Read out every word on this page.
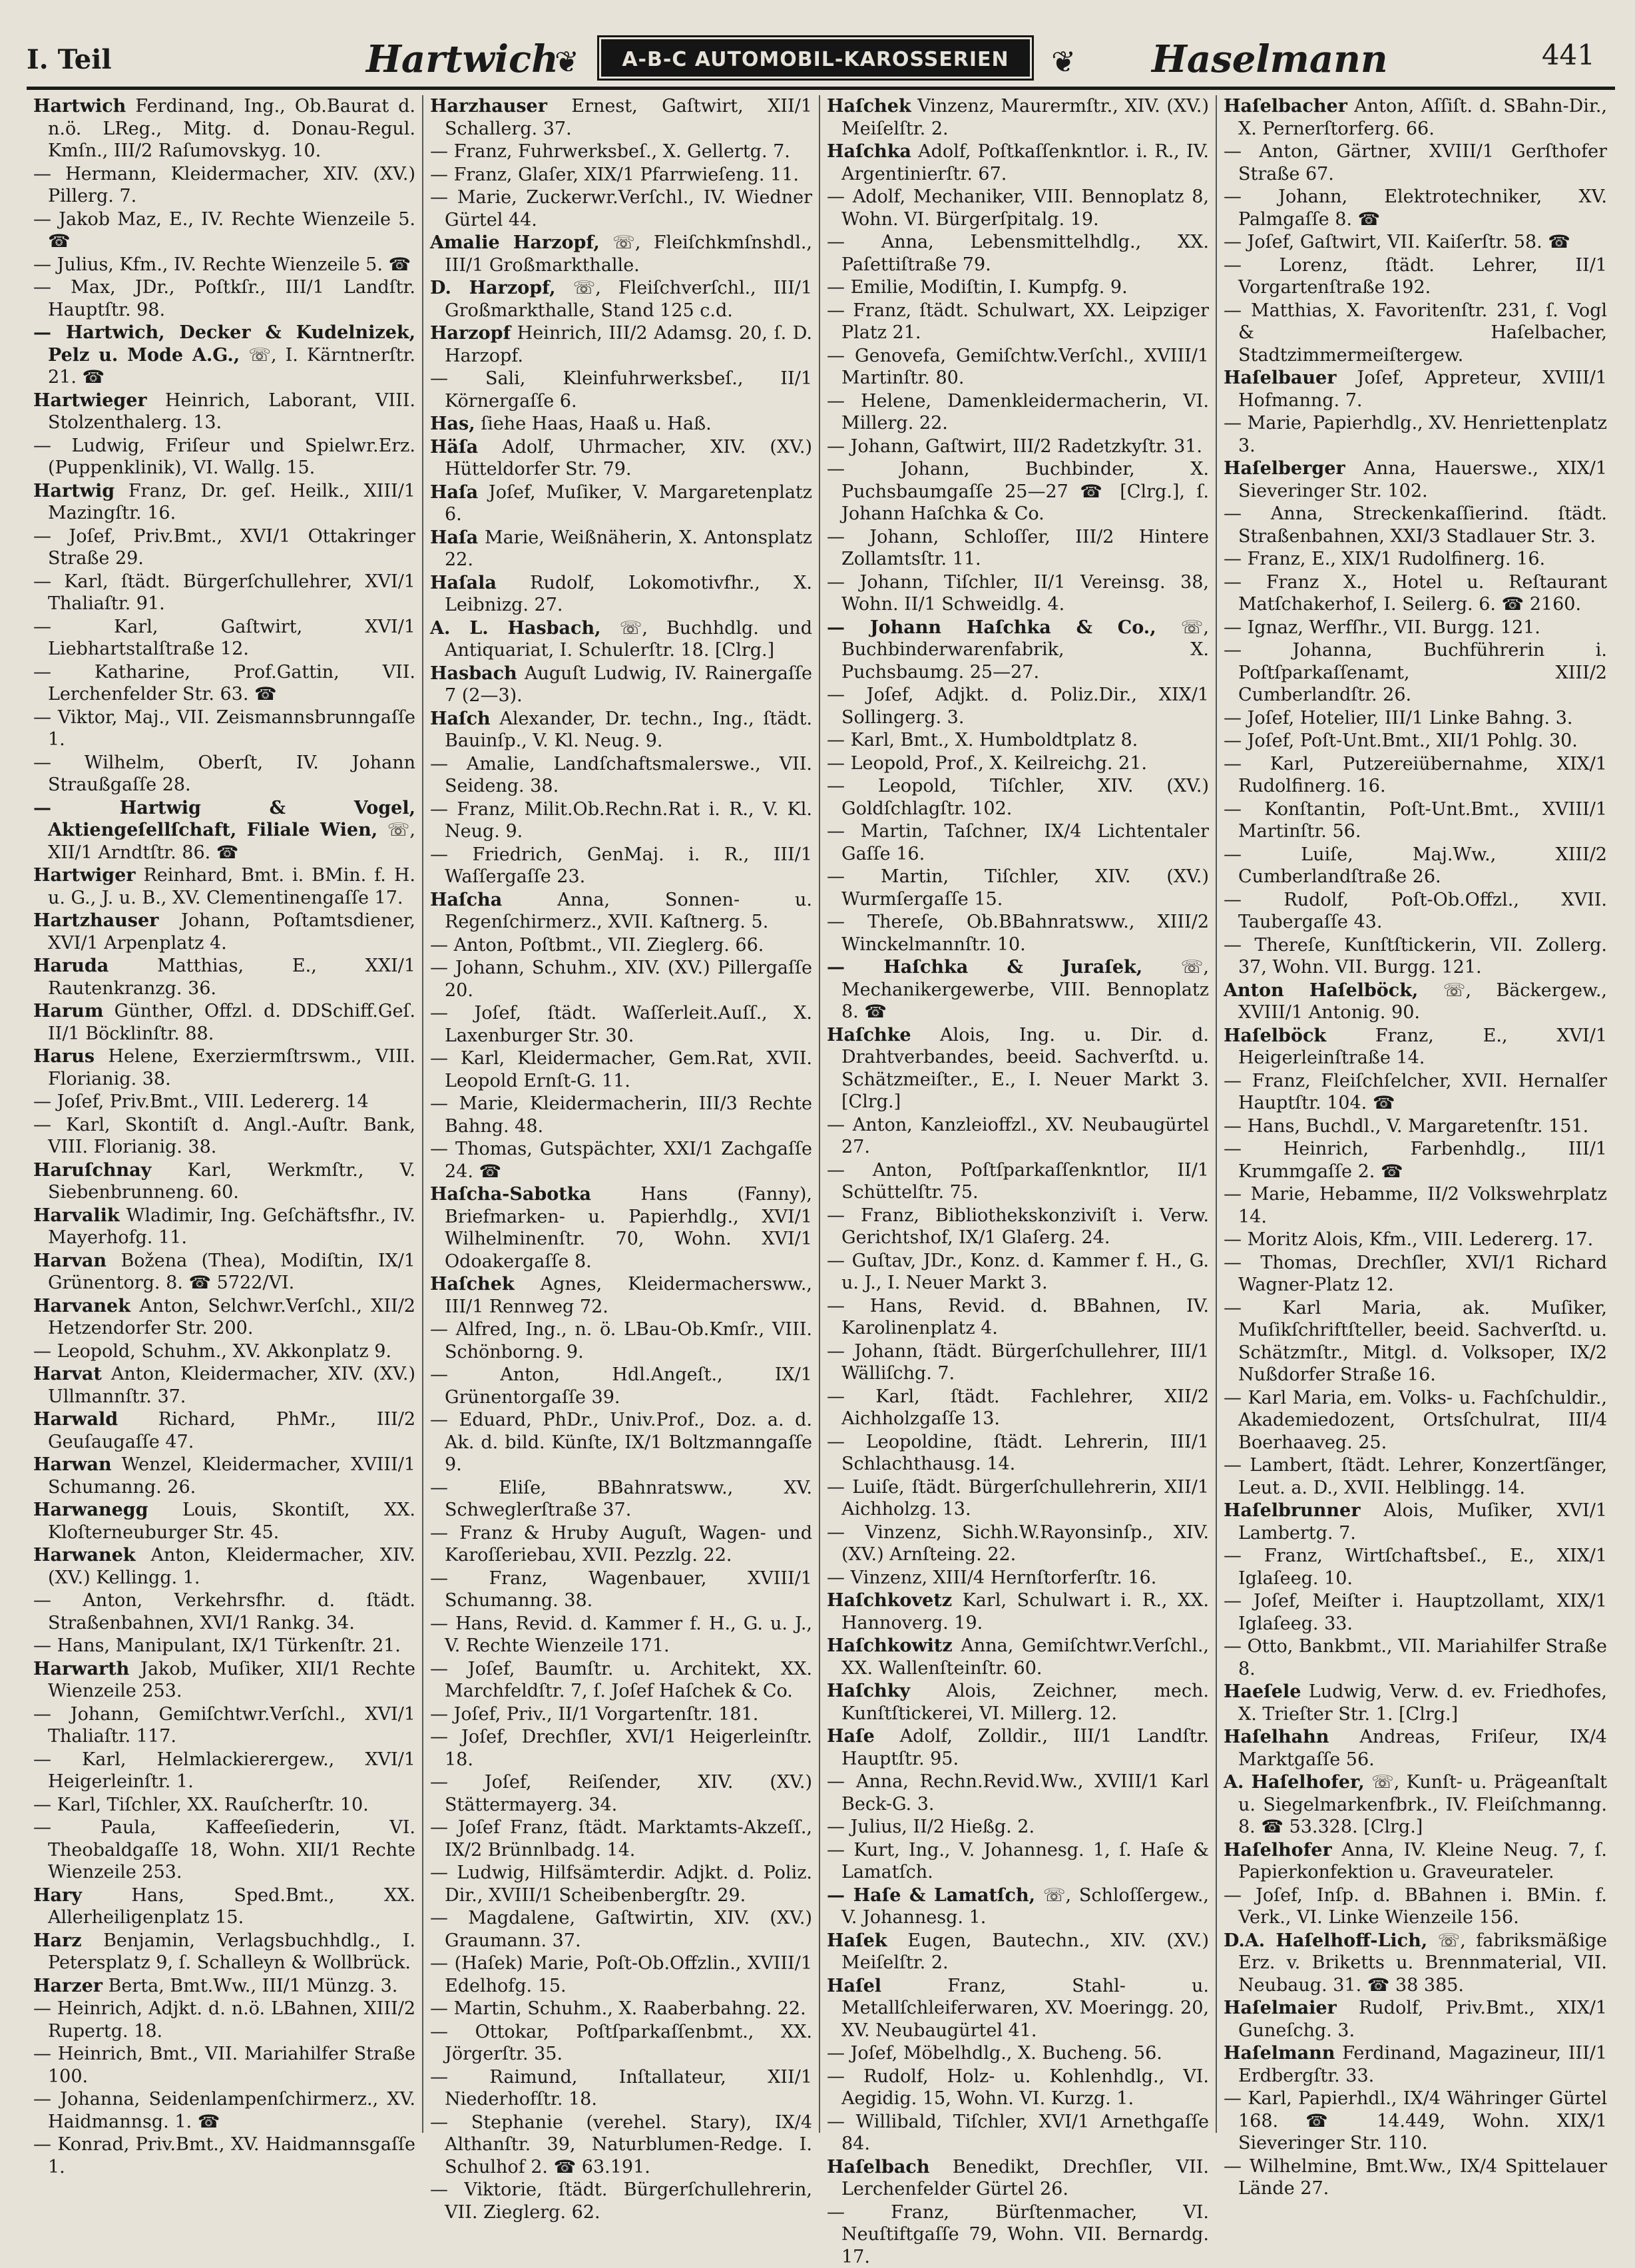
I. Teil	Hartwich
❦ A-B-C AUTOMOBIL-KAROSSERIEN ❦ Haselmann	441

Hartwich Ferdinand, Ing., Ob.Baurat d. n.ö. LReg., Mitg. d. Donau-Regul. Kmſn., III/2 Raſumovskyg. 10.

— Hermann, Kleidermacher, XIV. (XV.) Pillerg. 7.

— Jakob Maz, E., IV. Rechte Wienzeile 5. ☎

— Julius, Kfm., IV. Rechte Wienzeile 5. ☎

— Max, JDr., Poſtkſr., III/1 Landſtr. Hauptſtr. 98.

— Hartwich, Decker & Kudelnizek, Pelz u. Mode A.G., ☏, I. Kärntnerſtr. 21. ☎

Hartwieger Heinrich, Laborant, VIII. Stolzenthalerg. 13.

— Ludwig, Friſeur und Spielwr.Erz. (Puppenklinik), VI. Wallg. 15.

Hartwig Franz, Dr. geſ. Heilk., XIII/1 Mazingſtr. 16.

— Joſef, Priv.Bmt., XVI/1 Ottakringer Straße 29.

— Karl, ſtädt. Bürgerſchullehrer, XVI/1 Thaliaſtr. 91.

— Karl, Gaſtwirt, XVI/1 Liebhartstalſtraße 12.

— Katharine, Prof.Gattin, VII. Lerchenfelder Str. 63. ☎

— Viktor, Maj., VII. Zeismannsbrunngaſſe 1.

— Wilhelm, Oberſt, IV. Johann Straußgaſſe 28.

— Hartwig & Vogel, Aktiengeſellſchaft, Filiale Wien, ☏, XII/1 Arndtſtr. 86. ☎

Hartwiger Reinhard, Bmt. i. BMin. f. H. u. G., J. u. B., XV. Clementinengaſſe 17.

Hartzhauser Johann, Poſtamtsdiener, XVI/1 Arpenplatz 4.

Haruda Matthias, E., XXI/1 Rautenkranzg. 36.

Harum Günther, Offzl. d. DDSchiff.Geſ. II/1 Böcklinſtr. 88.

Harus Helene, Exerziermſtrswm., VIII. Florianig. 38.

— Joſef, Priv.Bmt., VIII. Ledererg. 14

— Karl, Skontiſt d. Angl.-Auſtr. Bank, VIII. Florianig. 38.

Haruſchnay Karl, Werkmſtr., V. Siebenbrunneng. 60.

Harvalik Wladimir, Ing. Geſchäftsfhr., IV. Mayerhofg. 11.

Harvan Božena (Thea), Modiſtin, IX/1 Grünentorg. 8. ☎ 5722/VI.

Harvanek Anton, Selchwr.Verſchl., XII/2 Hetzendorfer Str. 200.

— Leopold, Schuhm., XV. Akkonplatz 9.

Harvat Anton, Kleidermacher, XIV. (XV.) Ullmannſtr. 37.

Harwald Richard, PhMr., III/2 Geuſaugaſſe 47.

Harwan Wenzel, Kleidermacher, XVIII/1 Schumanng. 26.

Harwanegg Louis, Skontiſt, XX. Kloſterneuburger Str. 45.

Harwanek Anton, Kleidermacher, XIV. (XV.) Kellingg. 1.

— Anton, Verkehrsfhr. d. ſtädt. Straßenbahnen, XVI/1 Rankg. 34.

— Hans, Manipulant, IX/1 Türkenſtr. 21.

Harwarth Jakob, Muſiker, XII/1 Rechte Wienzeile 253.

— Johann, Gemiſchtwr.Verſchl., XVI/1 Thaliaſtr. 117.

— Karl, Helmlackierergew., XVI/1 Heigerleinſtr. 1.

— Karl, Tiſchler, XX. Rauſcherſtr. 10.

— Paula, Kaffeeſiederin, VI. Theobaldgaſſe 18, Wohn. XII/1 Rechte Wienzeile 253.

Hary Hans, Sped.Bmt., XX. Allerheiligenplatz 15.

Harz Benjamin, Verlagsbuchhdlg., I. Petersplatz 9, ſ. Schalleyn & Wollbrück.

Harzer Berta, Bmt.Ww., III/1 Münzg. 3.

— Heinrich, Adjkt. d. n.ö. LBahnen, XIII/2 Rupertg. 18.

— Heinrich, Bmt., VII. Mariahilfer Straße 100.

— Johanna, Seidenlampenſchirmerz., XV. Haidmannsg. 1. ☎

— Konrad, Priv.Bmt., XV. Haidmannsgaſſe 1.

Harzhauser Ernest, Gaſtwirt, XII/1 Schallerg. 37.

— Franz, Fuhrwerksbeſ., X. Gellertg. 7.

— Franz, Glaſer, XIX/1 Pfarrwieſeng. 11.

— Marie, Zuckerwr.Verſchl., IV. Wiedner Gürtel 44.

Amalie Harzopf, ☏, Fleiſchkmſnshdl., III/1 Großmarkthalle.

D. Harzopf, ☏, Fleiſchverſchl., III/1 Großmarkthalle, Stand 125 c.d.

Harzopf Heinrich, III/2 Adamsg. 20, ſ. D. Harzopf.

— Sali, Kleinfuhrwerksbeſ., II/1 Körnergaſſe 6.

Has, ſiehe Haas, Haaß u. Haß.

Häſa Adolf, Uhrmacher, XIV. (XV.) Hütteldorfer Str. 79.

Haſa Joſef, Muſiker, V. Margaretenplatz 6.

Haſa Marie, Weißnäherin, X. Antonsplatz 22.

Haſala Rudolf, Lokomotivfhr., X. Leibnizg. 27.

A. L. Hasbach, ☏, Buchhdlg. und Antiquariat, I. Schulerſtr. 18. [Clrg.]

Hasbach Auguſt Ludwig, IV. Rainergaſſe 7 (2—3).

Haſch Alexander, Dr. techn., Ing., ſtädt. Bauinſp., V. Kl. Neug. 9.

— Amalie, Landſchaftsmalerswe., VII. Seideng. 38.

— Franz, Milit.Ob.Rechn.Rat i. R., V. Kl. Neug. 9.

— Friedrich, GenMaj. i. R., III/1 Waſſergaſſe 23.

Haſcha Anna, Sonnen- u. Regenſchirmerz., XVII. Kaſtnerg. 5.

— Anton, Poſtbmt., VII. Zieglerg. 66.

— Johann, Schuhm., XIV. (XV.) Pillergaſſe 20.

— Joſef, ſtädt. Waſſerleit.Auſſ., X. Laxenburger Str. 30.

— Karl, Kleidermacher, Gem.Rat, XVII. Leopold Ernſt-G. 11.

— Marie, Kleidermacherin, III/3 Rechte Bahng. 48.

— Thomas, Gutspächter, XXI/1 Zachgaſſe 24. ☎

Haſcha-Sabotka Hans (Fanny), Briefmarken- u. Papierhdlg., XVI/1 Wilhelminenſtr. 70, Wohn. XVI/1 Odoakergaſſe 8.

Haſchek Agnes, Kleidermachersww., III/1 Rennweg 72.

— Alfred, Ing., n. ö. LBau-Ob.Kmſr., VIII. Schönborng. 9.

— Anton, Hdl.Angeſt., IX/1 Grünentorgaſſe 39.

— Eduard, PhDr., Univ.Prof., Doz. a. d. Ak. d. bild. Künſte, IX/1 Boltzmanngaſſe 9.

— Eliſe, BBahnratsww., XV. Schweglerſtraße 37.

— Franz & Hruby Auguſt, Wagen- und Karoſſeriebau, XVII. Pezzlg. 22.

— Franz, Wagenbauer, XVIII/1 Schumanng. 38.

— Hans, Revid. d. Kammer f. H., G. u. J., V. Rechte Wienzeile 171.

— Joſef, Baumſtr. u. Architekt, XX. Marchfeldſtr. 7, ſ. Joſef Haſchek & Co.

— Joſef, Priv., II/1 Vorgartenſtr. 181.

— Joſef, Drechſler, XVI/1 Heigerleinſtr. 18.

— Joſef, Reiſender, XIV. (XV.) Stättermayerg. 34.

— Joſef Franz, ſtädt. Marktamts-Akzeſſ., IX/2 Brünnlbadg. 14.

— Ludwig, Hilfsämterdir. Adjkt. d. Poliz. Dir., XVIII/1 Scheibenbergſtr. 29.

— Magdalene, Gaſtwirtin, XIV. (XV.) Graumann. 37.

— (Haſek) Marie, Poſt-Ob.Offzlin., XVIII/1 Edelhofg. 15.

— Martin, Schuhm., X. Raaberbahng. 22.

— Ottokar, Poſtſparkaſſenbmt., XX. Jörgerſtr. 35.

— Raimund, Inſtallateur, XII/1 Niederhofſtr. 18.

— Stephanie (verehel. Stary), IX/4 Althanſtr. 39, Naturblumen-Redge. I. Schulhof 2. ☎ 63.191.

— Viktorie, ſtädt. Bürgerſchullehrerin, VII. Zieglerg. 62.

Haſchek Vinzenz, Maurermſtr., XIV. (XV.) Meiſelſtr. 2.

Haſchka Adolf, Poſtkaſſenkntlor. i. R., IV. Argentinierſtr. 67.

— Adolf, Mechaniker, VIII. Bennoplatz 8, Wohn. VI. Bürgerſpitalg. 19.

— Anna, Lebensmittelhdlg., XX. Paſettiſtraße 79.

— Emilie, Modiſtin, I. Kumpfg. 9.

— Franz, ſtädt. Schulwart, XX. Leipziger Platz 21.

— Genovefa, Gemiſchtw.Verſchl., XVIII/1 Martinſtr. 80.

— Helene, Damenkleidermacherin, VI. Millerg. 22.

— Johann, Gaſtwirt, III/2 Radetzkyſtr. 31.

— Johann, Buchbinder, X. Puchsbaumgaſſe 25—27 ☎ [Clrg.], ſ. Johann Haſchka & Co.

— Johann, Schloſſer, III/2 Hintere Zollamtsſtr. 11.

— Johann, Tiſchler, II/1 Vereinsg. 38, Wohn. II/1 Schweidlg. 4.

— Johann Haſchka & Co., ☏, Buchbinderwarenfabrik, X. Puchsbaumg. 25—27.

— Joſef, Adjkt. d. Poliz.Dir., XIX/1 Sollingerg. 3.

— Karl, Bmt., X. Humboldtplatz 8.

— Leopold, Prof., X. Keilreichg. 21.

— Leopold, Tiſchler, XIV. (XV.) Goldſchlagſtr. 102.

— Martin, Taſchner, IX/4 Lichtentaler Gaſſe 16.

— Martin, Tiſchler, XIV. (XV.) Wurmſergaſſe 15.

— Thereſe, Ob.BBahnratsww., XIII/2 Winckelmannſtr. 10.

— Haſchka & Juraſek, ☏, Mechanikergewerbe, VIII. Bennoplatz 8. ☎

Haſchke Alois, Ing. u. Dir. d. Drahtverbandes, beeid. Sachverſtd. u. Schätzmeiſter., E., I. Neuer Markt 3. [Clrg.]

— Anton, Kanzleioffzl., XV. Neubaugürtel 27.

— Anton, Poſtſparkaſſenkntlor, II/1 Schüttelſtr. 75.

— Franz, Bibliothekskonziviſt i. Verw. Gerichtshof, IX/1 Glaſerg. 24.

— Guſtav, JDr., Konz. d. Kammer f. H., G. u. J., I. Neuer Markt 3.

— Hans, Revid. d. BBahnen, IV. Karolinenplatz 4.

— Johann, ſtädt. Bürgerſchullehrer, III/1 Wälliſchg. 7.

— Karl, ſtädt. Fachlehrer, XII/2 Aichholzgaſſe 13.

— Leopoldine, ſtädt. Lehrerin, III/1 Schlachthausg. 14.

— Luiſe, ſtädt. Bürgerſchullehrerin, XII/1 Aichholzg. 13.

— Vinzenz, Sichh.W.Rayonsinſp., XIV. (XV.) Arnſteing. 22.

— Vinzenz, XIII/4 Hernſtorferſtr. 16.

Haſchkovetz Karl, Schulwart i. R., XX. Hannoverg. 19.

Haſchkowitz Anna, Gemiſchtwr.Verſchl., XX. Wallenſteinſtr. 60.

Haſchky Alois, Zeichner, mech. Kunſtſtickerei, VI. Millerg. 12.

Haſe Adolf, Zolldir., III/1 Landſtr. Hauptſtr. 95.

— Anna, Rechn.Revid.Ww., XVIII/1 Karl Beck-G. 3.

— Julius, II/2 Hießg. 2.

— Kurt, Ing., V. Johannesg. 1, ſ. Haſe & Lamatſch.

— Haſe & Lamatſch, ☏, Schloſſergew., V. Johannesg. 1.

Haſek Eugen, Bautechn., XIV. (XV.) Meiſelſtr. 2.

Haſel Franz, Stahl- u. Metallſchleiferwaren, XV. Moeringg. 20, XV. Neubaugürtel 41.

— Joſef, Möbelhdlg., X. Bucheng. 56.

— Rudolf, Holz- u. Kohlenhdlg., VI. Aegidig. 15, Wohn. VI. Kurzg. 1.

— Willibald, Tiſchler, XVI/1 Arnethgaſſe 84.

Haſelbach Benedikt, Drechſler, VII. Lerchenfelder Gürtel 26.

— Franz, Bürſtenmacher, VI. Neuſtiftgaſſe 79, Wohn. VII. Bernardg. 17.

Haſelbacher Anton, Aſſiſt. d. SBahn-Dir., X. Pernerſtorferg. 66.

— Anton, Gärtner, XVIII/1 Gerſthofer Straße 67.

— Johann, Elektrotechniker, XV. Palmgaſſe 8. ☎

— Joſef, Gaſtwirt, VII. Kaiſerſtr. 58. ☎

— Lorenz, ſtädt. Lehrer, II/1 Vorgartenſtraße 192.

— Matthias, X. Favoritenſtr. 231, ſ. Vogl & Haſelbacher, Stadtzimmermeiſtergew.

Haſelbauer Joſef, Appreteur, XVIII/1 Hofmanng. 7.

— Marie, Papierhdlg., XV. Henriettenplatz 3.

Haſelberger Anna, Hauerswe., XIX/1 Sieveringer Str. 102.

— Anna, Streckenkaſſierind. ſtädt. Straßenbahnen, XXI/3 Stadlauer Str. 3.

— Franz, E., XIX/1 Rudolfinerg. 16.

— Franz X., Hotel u. Reſtaurant Matſchakerhof, I. Seilerg. 6. ☎ 2160.

— Ignaz, Werfſhr., VII. Burgg. 121.

— Johanna, Buchführerin i. Poſtſparkaſſenamt, XIII/2 Cumberlandſtr. 26.

— Joſef, Hotelier, III/1 Linke Bahng. 3.

— Joſef, Poſt-Unt.Bmt., XII/1 Pohlg. 30.

— Karl, Putzereiübernahme, XIX/1 Rudolfinerg. 16.

— Konſtantin, Poſt-Unt.Bmt., XVIII/1 Martinſtr. 56.

— Luiſe, Maj.Ww., XIII/2 Cumberlandſtraße 26.

— Rudolf, Poſt-Ob.Offzl., XVII. Taubergaſſe 43.

— Thereſe, Kunſtſtickerin, VII. Zollerg. 37, Wohn. VII. Burgg. 121.

Anton Haſelböck, ☏, Bäckergew., XVIII/1 Antonig. 90.

Haſelböck Franz, E., XVI/1 Heigerleinſtraße 14.

— Franz, Fleiſchſelcher, XVII. Hernalſer Hauptſtr. 104. ☎

— Hans, Buchdl., V. Margaretenſtr. 151.

— Heinrich, Farbenhdlg., III/1 Krummgaſſe 2. ☎

— Marie, Hebamme, II/2 Volkswehrplatz 14.

— Moritz Alois, Kfm., VIII. Ledererg. 17.

— Thomas, Drechſler, XVI/1 Richard Wagner-Platz 12.

— Karl Maria, ak. Muſiker, Muſikſchriftſteller, beeid. Sachverſtd. u. Schätzmſtr., Mitgl. d. Volksoper, IX/2 Nußdorfer Straße 16.

— Karl Maria, em. Volks- u. Fachſchuldir., Akademiedozent, Ortsſchulrat, III/4 Boerhaaveg. 25.

— Lambert, ſtädt. Lehrer, Konzertſänger, Leut. a. D., XVII. Helblingg. 14.

Haſelbrunner Alois, Muſiker, XVI/1 Lambertg. 7.

— Franz, Wirtſchaftsbeſ., E., XIX/1 Iglaſeeg. 10.

— Joſef, Meiſter i. Hauptzollamt, XIX/1 Iglaſeeg. 33.

— Otto, Bankbmt., VII. Mariahilfer Straße 8.

Haeſele Ludwig, Verw. d. ev. Friedhofes, X. Trieſter Str. 1. [Clrg.]

Haſelhahn Andreas, Friſeur, IX/4 Marktgaſſe 56.

A. Haſelhofer, ☏, Kunſt- u. Prägeanſtalt u. Siegelmarkenfbrk., IV. Fleiſchmanng. 8. ☎ 53.328. [Clrg.]

Haſelhofer Anna, IV. Kleine Neug. 7, ſ. Papierkonfektion u. Graveurateler.

— Joſef, Inſp. d. BBahnen i. BMin. f. Verk., VI. Linke Wienzeile 156.

D.A. Haſelhoff-Lich, ☏, fabriksmäßige Erz. v. Briketts u. Brennmaterial, VII. Neubaug. 31. ☎ 38 385.

Haſelmaier Rudolf, Priv.Bmt., XIX/1 Guneſchg. 3.

Haſelmann Ferdinand, Magazineur, III/1 Erdbergſtr. 33.

— Karl, Papierhdl., IX/4 Währinger Gürtel 168. ☎ 14.449, Wohn. XIX/1 Sieveringer Str. 110.

— Wilhelmine, Bmt.Ww., IX/4 Spittelauer Lände 27.
